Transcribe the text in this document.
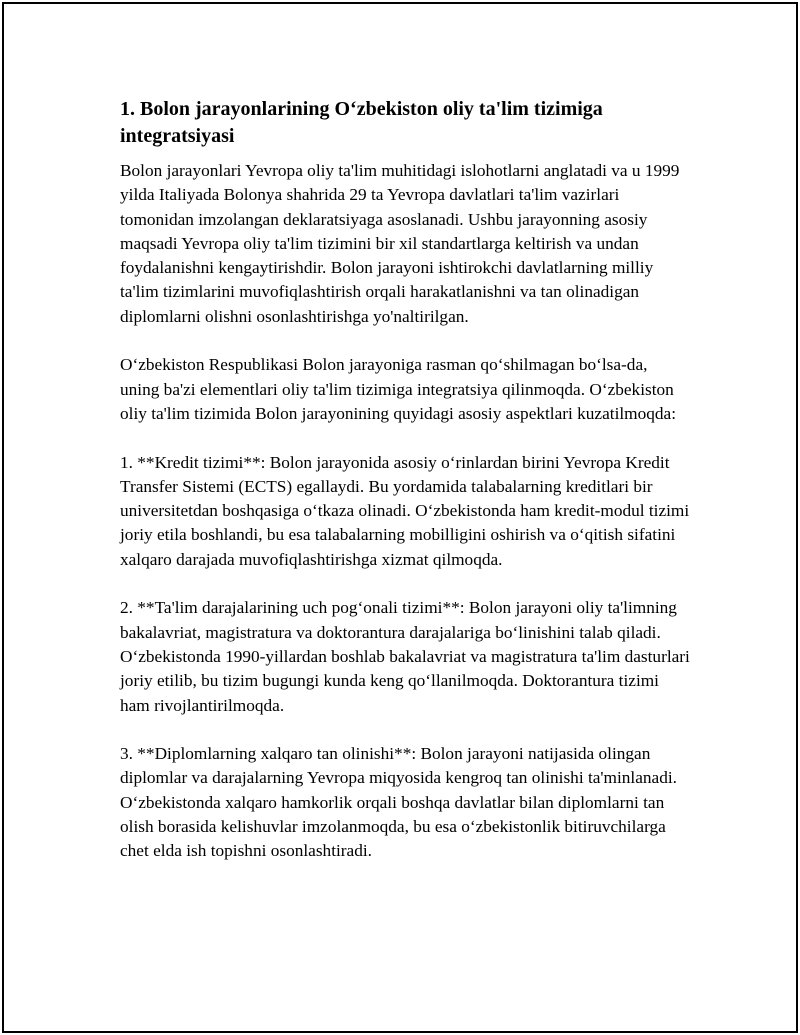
1. Bolon jarayonlarining O‘zbekiston oliy ta'lim tizimiga integratsiyasi

Bolon jarayonlari Yevropa oliy ta'lim muhitidagi islohotlarni anglatadi va u 1999 yilda Italiyada Bolonya shahrida 29 ta Yevropa davlatlari ta'lim vazirlari tomonidan imzolangan deklaratsiyaga asoslanadi. Ushbu jarayonning asosiy maqsadi Yevropa oliy ta'lim tizimini bir xil standartlarga keltirish va undan foydalanishni kengaytirishdir. Bolon jarayoni ishtirokchi davlatlarning milliy ta'lim tizimlarini muvofiqlashtirish orqali harakatlanishni va tan olinadigan diplomlarni olishni osonlashtirishga yo'naltirilgan.

O‘zbekiston Respublikasi Bolon jarayoniga rasman qo‘shilmagan bo‘lsa-da, uning ba'zi elementlari oliy ta'lim tizimiga integratsiya qilinmoqda. O‘zbekiston oliy ta'lim tizimida Bolon jarayonining quyidagi asosiy aspektlari kuzatilmoqda:

1. **Kredit tizimi**: Bolon jarayonida asosiy o‘rinlardan birini Yevropa Kredit Transfer Sistemi (ECTS) egallaydi. Bu yordamida talabalarning kreditlari bir universitetdan boshqasiga o‘tkaza olinadi. O‘zbekistonda ham kredit-modul tizimi joriy etila boshlandi, bu esa talabalarning mobilligini oshirish va o‘qitish sifatini xalqaro darajada muvofiqlashtirishga xizmat qilmoqda.

2. **Ta'lim darajalarining uch pog‘onali tizimi**: Bolon jarayoni oliy ta'limning bakalavriat, magistratura va doktorantura darajalariga bo‘linishini talab qiladi. O‘zbekistonda 1990-yillardan boshlab bakalavriat va magistratura ta'lim dasturlari joriy etilib, bu tizim bugungi kunda keng qo‘llanilmoqda. Doktorantura tizimi ham rivojlantirilmoqda.

3. **Diplomlarning xalqaro tan olinishi**: Bolon jarayoni natijasida olingan diplomlar va darajalarning Yevropa miqyosida kengroq tan olinishi ta'minlanadi. O‘zbekistonda xalqaro hamkorlik orqali boshqa davlatlar bilan diplomlarni tan olish borasida kelishuvlar imzolanmoqda, bu esa o‘zbekistonlik bitiruvchilarga chet elda ish topishni osonlashtiradi.
